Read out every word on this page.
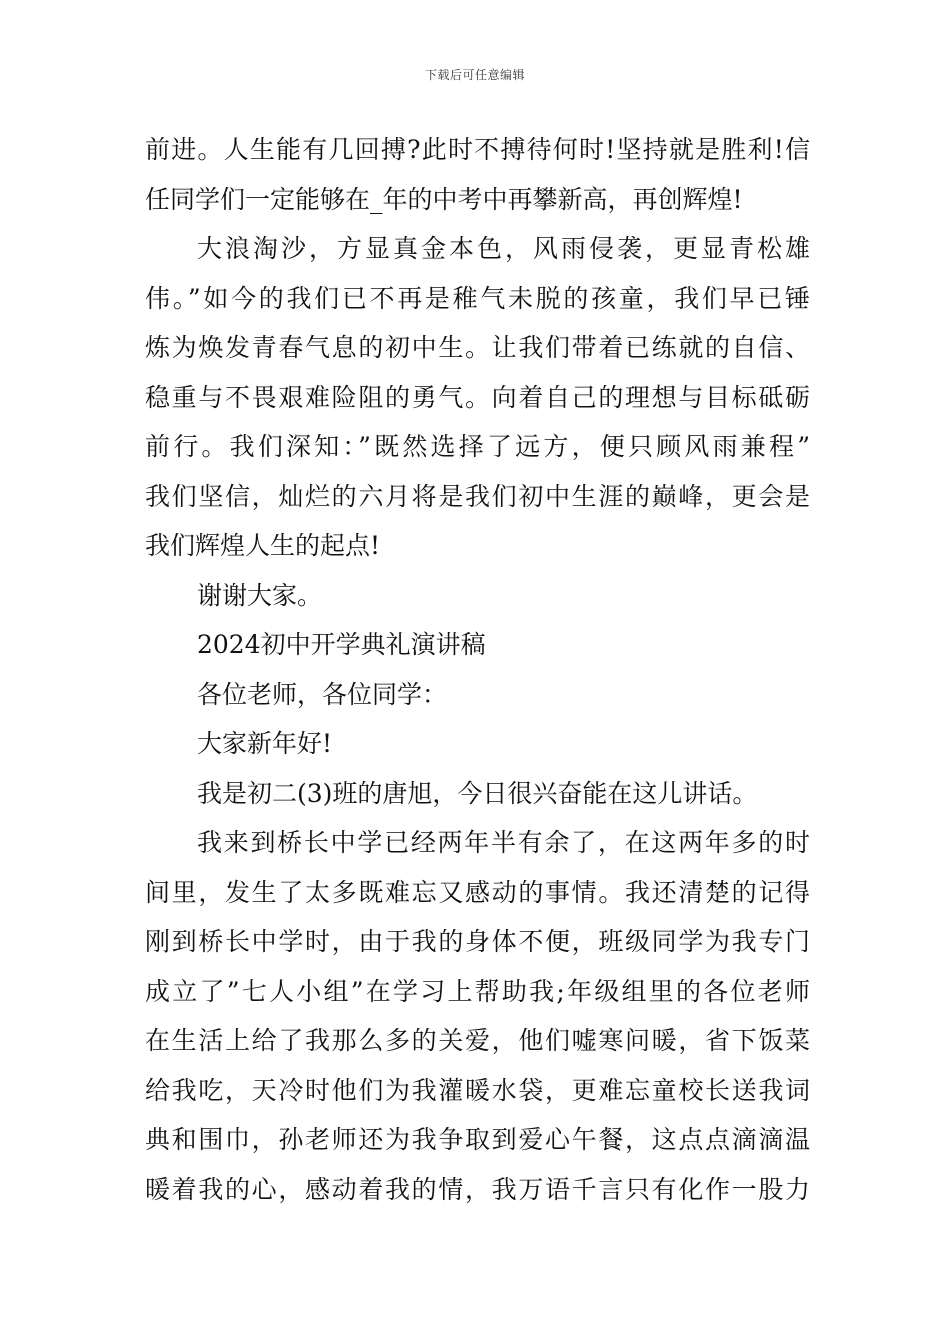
下载后可任意编辑
前进。人生能有几回搏?此时不搏待何时!坚持就是胜利!信
任同学们一定能够在_年的中考中再攀新高，再创辉煌!
大浪淘沙，方显真金本色，风雨侵袭，更显青松雄
伟。”如今的我们已不再是稚气未脱的孩童，我们早已锤
炼为焕发青春气息的初中生。让我们带着已练就的自信、
稳重与不畏艰难险阻的勇气。向着自己的理想与目标砥砺
前行。我们深知：”既然选择了远方，便只顾风雨兼程”
我们坚信，灿烂的六月将是我们初中生涯的巅峰，更会是
我们辉煌人生的起点!
谢谢大家。
2024初中开学典礼演讲稿
各位老师，各位同学：
大家新年好!
我是初二(3)班的唐旭，今日很兴奋能在这儿讲话。
我来到桥长中学已经两年半有余了，在这两年多的时
间里，发生了太多既难忘又感动的事情。我还清楚的记得
刚到桥长中学时，由于我的身体不便，班级同学为我专门
成立了”七人小组”在学习上帮助我;年级组里的各位老师
在生活上给了我那么多的关爱，他们嘘寒问暖，省下饭菜
给我吃，天冷时他们为我灌暖水袋，更难忘童校长送我词
典和围巾，孙老师还为我争取到爱心午餐，这点点滴滴温
暖着我的心，感动着我的情，我万语千言只有化作一股力
